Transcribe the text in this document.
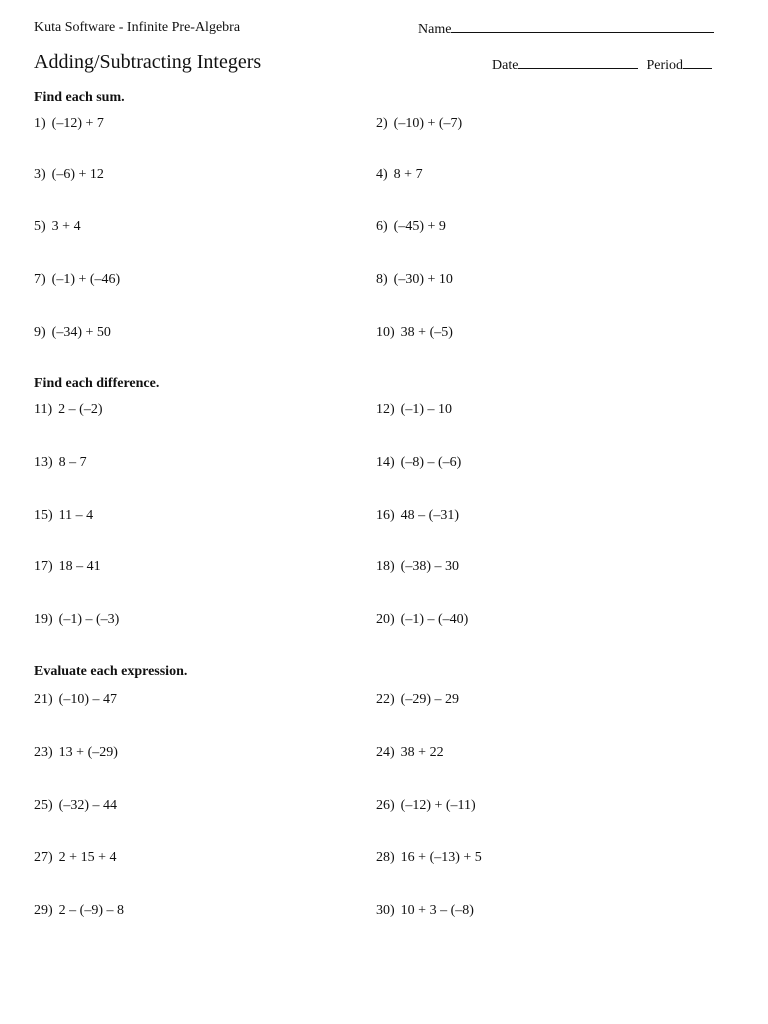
Kuta Software - Infinite Pre-Algebra	Name
Adding/Subtracting Integers	Date	Period
Find each sum.
1) (–12) + 7	2) (–10) + (–7)
3) (–6) + 12	4) 8 + 7
5) 3 + 4	6) (–45) + 9
7) (–1) + (–46)	8) (–30) + 10
9) (–34) + 50	10) 38 + (–5)
Find each difference.
11) 2 – (–2)	12) (–1) – 10
13) 8 – 7	14) (–8) – (–6)
15) 11 – 4	16) 48 – (–31)
17) 18 – 41	18) (–38) – 30
19) (–1) – (–3)	20) (–1) – (–40)
Evaluate each expression.
21) (–10) – 47	22) (–29) – 29
23) 13 + (–29)	24) 38 + 22
25) (–32) – 44	26) (–12) + (–11)
27) 2 + 15 + 4	28) 16 + (–13) + 5
29) 2 – (–9) – 8	30) 10 + 3 – (–8)
